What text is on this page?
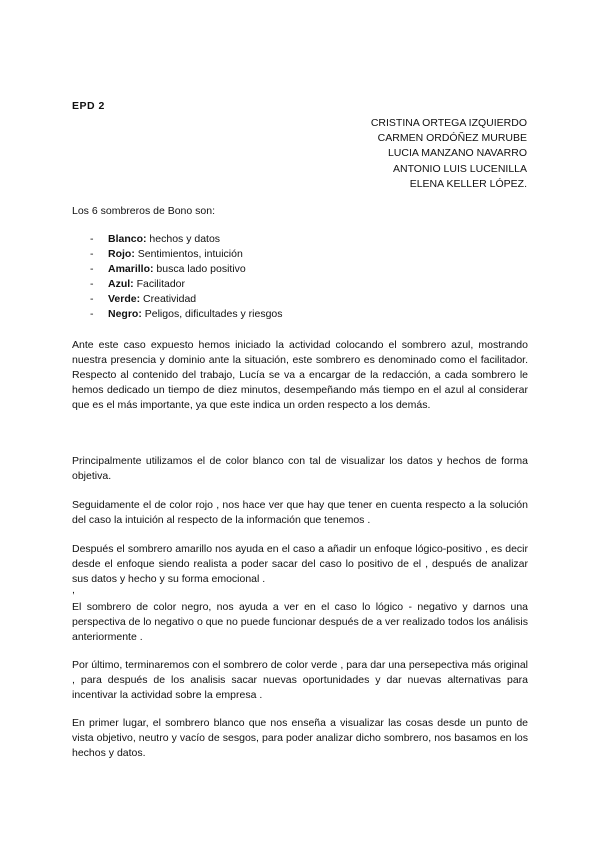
EPD 2
CRISTINA ORTEGA IZQUIERDO
CARMEN ORDÓÑEZ MURUBE
LUCIA MANZANO NAVARRO
ANTONIO LUIS LUCENILLA
ELENA KELLER LÓPEZ.
Los 6 sombreros de Bono son:
- Blanco: hechos y datos
- Rojo: Sentimientos, intuición
- Amarillo: busca lado positivo
- Azul: Facilitador
- Verde: Creatividad
- Negro: Peligos, dificultades y riesgos

Ante este caso expuesto hemos iniciado la actividad colocando el sombrero azul, mostrando nuestra presencia y dominio ante la situación, este sombrero es denominado como el facilitador. Respecto al contenido del trabajo, Lucía se va a encargar de la redacción, a cada sombrero le hemos dedicado un tiempo de diez minutos, desempeñando más tiempo en el azul al considerar que es el más importante, ya que este indica un orden respecto a los demás.

Principalmente utilizamos el de color blanco con tal de visualizar los datos y hechos de forma objetiva.

Seguidamente el de color rojo , nos hace ver que hay que tener en cuenta respecto a la solución del caso la intuición al respecto de la información que tenemos .

Después el sombrero amarillo nos ayuda en el caso a añadir un enfoque lógico-positivo , es decir desde el enfoque siendo realista a poder sacar del caso lo positivo de el , después de analizar sus datos y hecho y su forma emocional .

,

El sombrero de color negro, nos ayuda a ver en el caso lo lógico - negativo y darnos una perspectiva de lo negativo o que no puede funcionar después de a ver realizado todos los análisis anteriormente .

Por último, terminaremos con el sombrero de color verde , para dar una persepectiva más original , para después de los analisis sacar nuevas oportunidades y dar nuevas alternativas para incentivar la actividad sobre la empresa .

En primer lugar, el sombrero blanco que nos enseña a visualizar las cosas desde un punto de vista objetivo, neutro y vacío de sesgos, para poder analizar dicho sombrero, nos basamos en los hechos y datos.
